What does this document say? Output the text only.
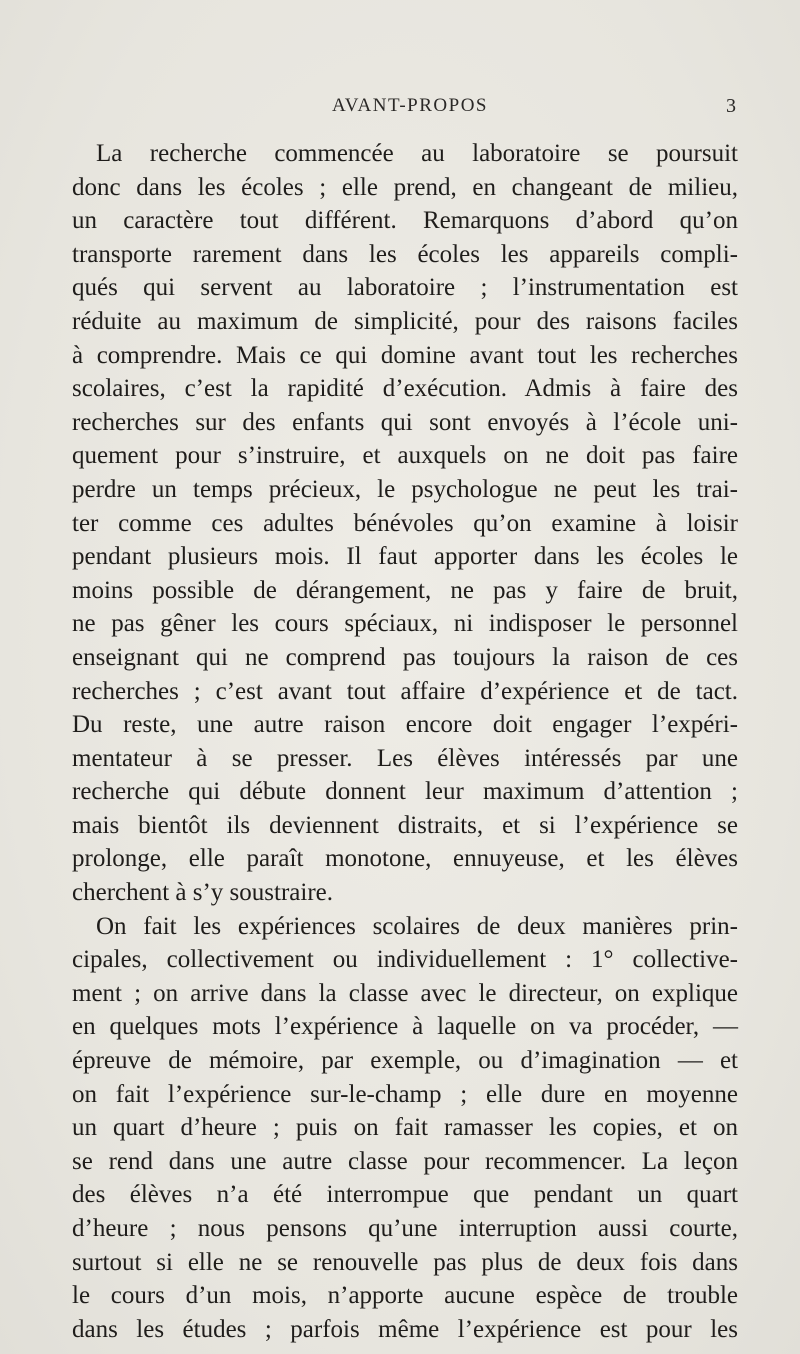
AVANT-PROPOS	3
La recherche commencée au laboratoire se poursuit
donc dans les écoles ; elle prend, en changeant de milieu,
un caractère tout différent. Remarquons d’abord qu’on
transporte rarement dans les écoles les appareils compli-
qués qui servent au laboratoire ; l’instrumentation est
réduite au maximum de simplicité, pour des raisons faciles
à comprendre. Mais ce qui domine avant tout les recherches
scolaires, c’est la rapidité d’exécution. Admis à faire des
recherches sur des enfants qui sont envoyés à l’école uni-
quement pour s’instruire, et auxquels on ne doit pas faire
perdre un temps précieux, le psychologue ne peut les trai-
ter comme ces adultes bénévoles qu’on examine à loisir
pendant plusieurs mois. Il faut apporter dans les écoles le
moins possible de dérangement, ne pas y faire de bruit,
ne pas gêner les cours spéciaux, ni indisposer le personnel
enseignant qui ne comprend pas toujours la raison de ces
recherches ; c’est avant tout affaire d’expérience et de tact.
Du reste, une autre raison encore doit engager l’expéri-
mentateur à se presser. Les élèves intéressés par une
recherche qui débute donnent leur maximum d’attention ;
mais bientôt ils deviennent distraits, et si l’expérience se
prolonge, elle paraît monotone, ennuyeuse, et les élèves
cherchent à s’y soustraire.
On fait les expériences scolaires de deux manières prin-
cipales, collectivement ou individuellement : 1° collective-
ment ; on arrive dans la classe avec le directeur, on explique
en quelques mots l’expérience à laquelle on va procéder, —
épreuve de mémoire, par exemple, ou d’imagination — et
on fait l’expérience sur-le-champ ; elle dure en moyenne
un quart d’heure ; puis on fait ramasser les copies, et on
se rend dans une autre classe pour recommencer. La leçon
des élèves n’a été interrompue que pendant un quart
d’heure ; nous pensons qu’une interruption aussi courte,
surtout si elle ne se renouvelle pas plus de deux fois dans
le cours d’un mois, n’apporte aucune espèce de trouble
dans les études ; parfois même l’expérience est pour les
